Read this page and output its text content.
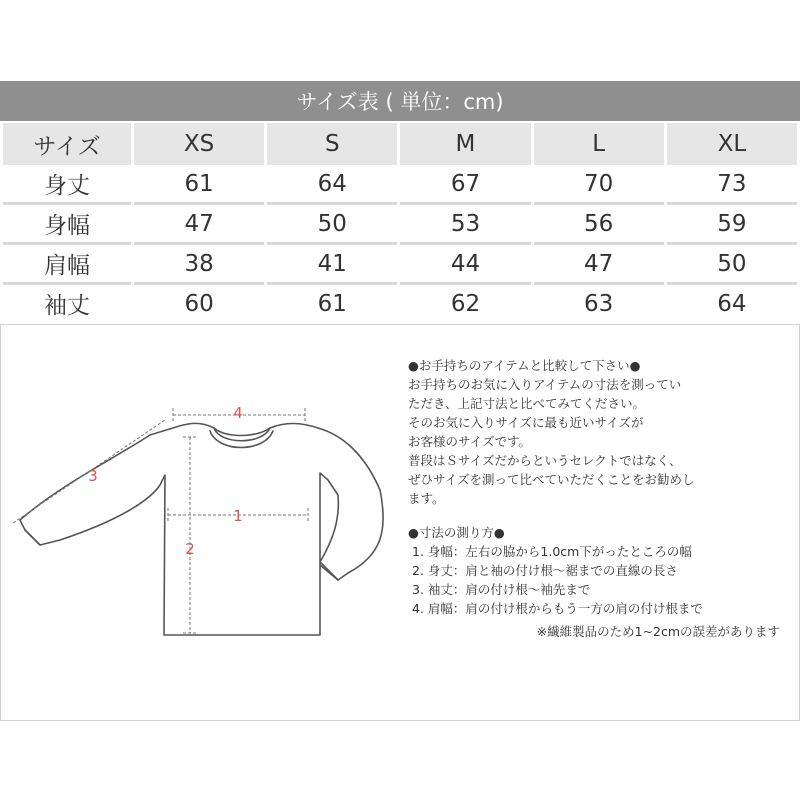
サイズ表 ( 単位：cm)
サイズ	XS	S	M	L	XL
身丈	61	64	67	70	73
身幅	47	50	53	56	59
肩幅	38	41	44	47	50
袖丈	60	61	62	63	64
4
1
2
3
●お手持ちのアイテムと比較して下さい●
お手持ちのお気に入りアイテムの寸法を測ってい
ただき、上記寸法と比べてみてください。
そのお気に入りサイズに最も近いサイズが
お客様のサイズです。
普段はＳサイズだからというセレクトではなく、
ぜひサイズを測って比べていただくことをお勧めし
ます。
●寸法の測り方●
1. 身幅：左右の脇から1.0cm下がったところの幅
2. 身丈：肩と袖の付け根～裾までの直線の長さ
3. 袖丈：肩の付け根～袖先まで
4. 肩幅：肩の付け根からもう一方の肩の付け根まで
※繊維製品のため1~2cmの誤差があります
